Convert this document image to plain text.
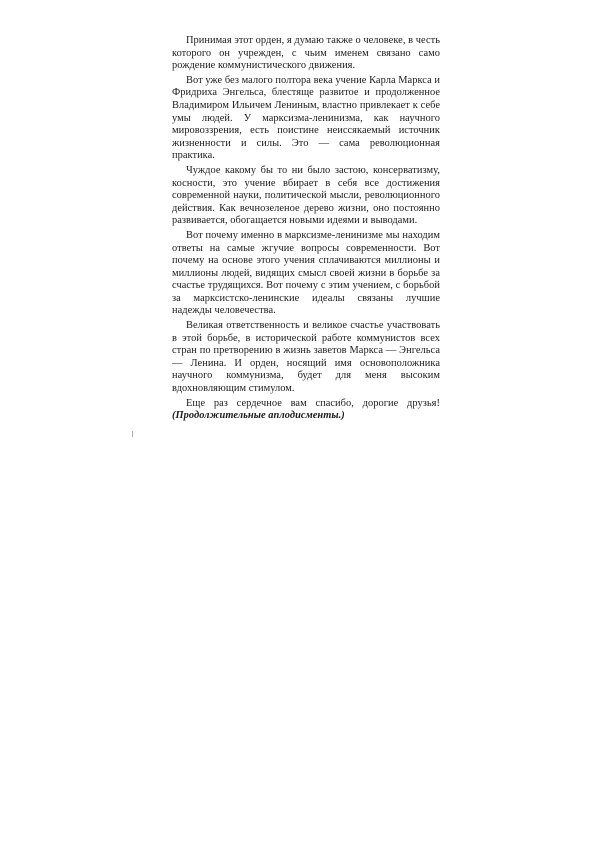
Принимая этот орден, я думаю также о человеке, в честь которого он учрежден, с чьим именем связано само рождение коммунистического движения.

Вот уже без малого полтора века учение Карла Маркса и Фридриха Энгельса, блестяще развитое и продолженное Владимиром Ильичем Лениным, властно привлекает к себе умы людей. У марксизма-ленинизма, как научного мировоззрения, есть поистине неиссякаемый источник жизненности и силы. Это — сама революционная практика.

Чуждое какому бы то ни было застою, консерватизму, косности, это учение вбирает в себя все достижения современной науки, политической мысли, революционного действия. Как вечнозеленое дерево жизни, оно постоянно развивается, обогащается новыми идеями и выводами.

Вот почему именно в марксизме-ленинизме мы находим ответы на самые жгучие вопросы современности. Вот почему на основе этого учения сплачиваются миллионы и миллионы людей, видящих смысл своей жизни в борьбе за счастье трудящихся. Вот почему с этим учением, с борьбой за марксистско-ленинские идеалы связаны лучшие надежды человечества.

Великая ответственность и великое счастье участвовать в этой борьбе, в исторической работе коммунистов всех стран по претворению в жизнь заветов Маркса — Энгельса — Ленина. И орден, носящий имя основоположника научного коммунизма, будет для меня высоким вдохновляющим стимулом.

Еще раз сердечное вам спасибо, дорогие друзья! (Продолжительные аплодисменты.)
